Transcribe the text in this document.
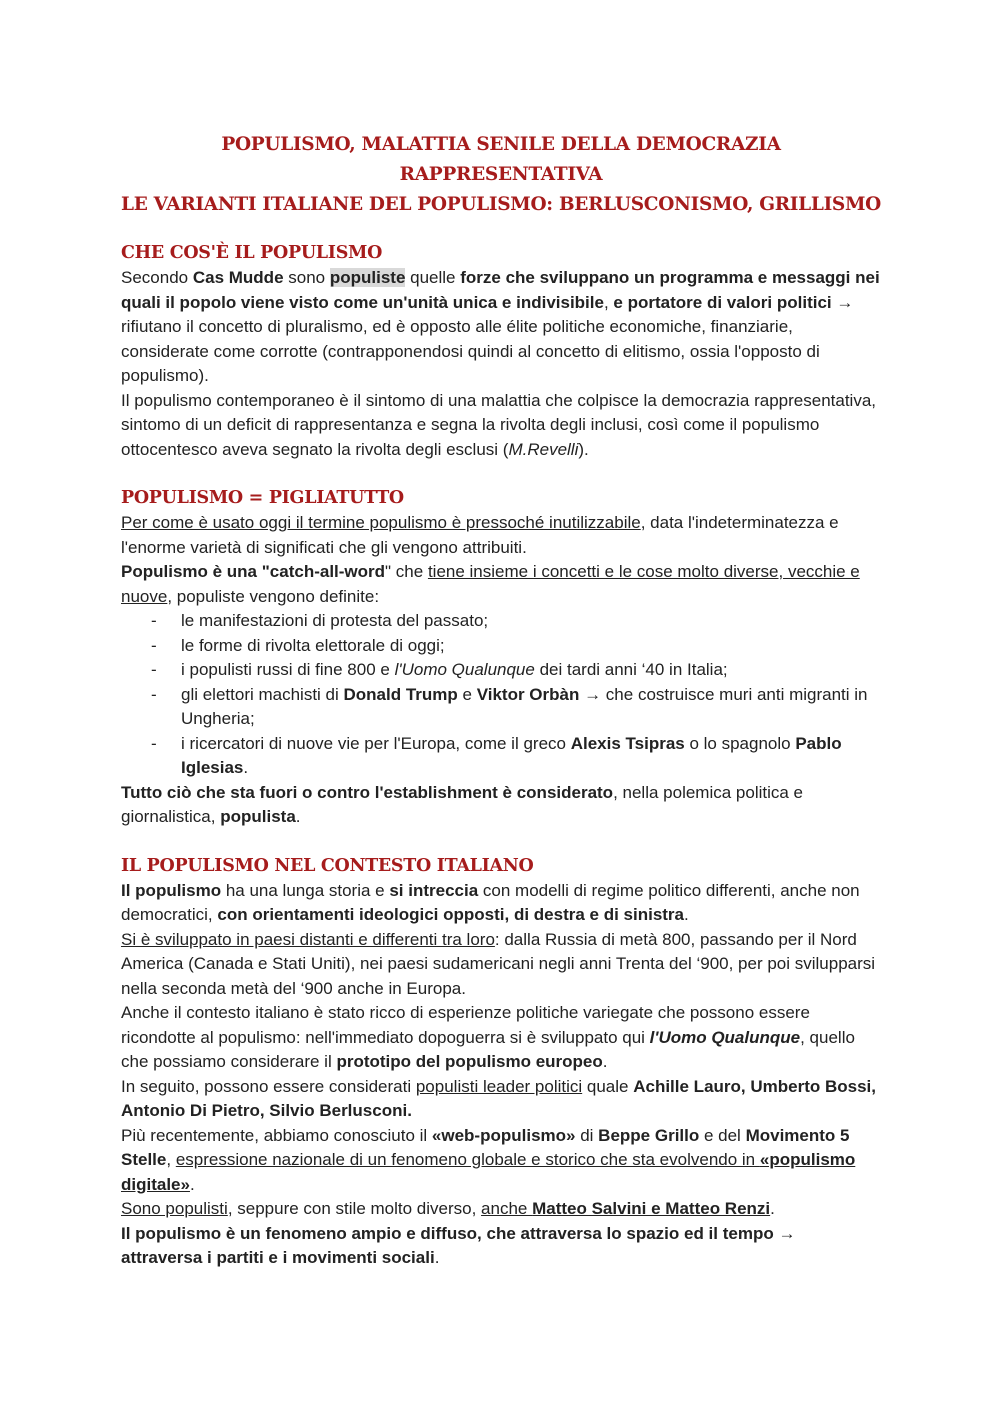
POPULISMO, MALATTIA SENILE DELLA DEMOCRAZIA RAPPRESENTATIVA
LE VARIANTI ITALIANE DEL POPULISMO: BERLUSCONISMO, GRILLISMO
CHE COS'È IL POPULISMO

Secondo Cas Mudde sono populiste quelle forze che sviluppano un programma e messaggi nei quali il popolo viene visto come un'unità unica e indivisibile, e portatore di valori politici → rifiutano il concetto di pluralismo, ed è opposto alle élite politiche economiche, finanziarie, considerate come corrotte (contrapponendosi quindi al concetto di elitismo, ossia l'opposto di populismo).

Il populismo contemporaneo è il sintomo di una malattia che colpisce la democrazia rappresentativa, sintomo di un deficit di rappresentanza e segna la rivolta degli inclusi, così come il populismo ottocentesco aveva segnato la rivolta degli esclusi (M.Revelli).

POPULISMO = PIGLIATUTTO

Per come è usato oggi il termine populismo è pressoché inutilizzabile, data l'indeterminatezza e l'enorme varietà di significati che gli vengono attribuiti.

Populismo è una "catch-all-word" che tiene insieme i concetti e le cose molto diverse, vecchie e nuove, populiste vengono definite:

- le manifestazioni di protesta del passato;
- le forme di rivolta elettorale di oggi;
- i populisti russi di fine 800 e l'Uomo Qualunque dei tardi anni ‘40 in Italia;
- gli elettori machisti di Donald Trump e Viktor Orbàn → che costruisce muri anti migranti in Ungheria;
- i ricercatori di nuove vie per l'Europa, come il greco Alexis Tsipras o lo spagnolo Pablo Iglesias.

Tutto ciò che sta fuori o contro l'establishment è considerato, nella polemica politica e giornalistica, populista.

IL POPULISMO NEL CONTESTO ITALIANO

Il populismo ha una lunga storia e si intreccia con modelli di regime politico differenti, anche non democratici, con orientamenti ideologici opposti, di destra e di sinistra.

Si è sviluppato in paesi distanti e differenti tra loro: dalla Russia di metà 800, passando per il Nord America (Canada e Stati Uniti), nei paesi sudamericani negli anni Trenta del ‘900, per poi svilupparsi nella seconda metà del ‘900 anche in Europa.

Anche il contesto italiano è stato ricco di esperienze politiche variegate che possono essere ricondotte al populismo: nell'immediato dopoguerra si è sviluppato qui l'Uomo Qualunque, quello che possiamo considerare il prototipo del populismo europeo.

In seguito, possono essere considerati populisti leader politici quale Achille Lauro, Umberto Bossi, Antonio Di Pietro, Silvio Berlusconi.

Più recentemente, abbiamo conosciuto il «web-populismo» di Beppe Grillo e del Movimento 5 Stelle, espressione nazionale di un fenomeno globale e storico che sta evolvendo in «populismo digitale».

Sono populisti, seppure con stile molto diverso, anche Matteo Salvini e Matteo Renzi.

Il populismo è un fenomeno ampio e diffuso, che attraversa lo spazio ed il tempo → attraversa i partiti e i movimenti sociali.
